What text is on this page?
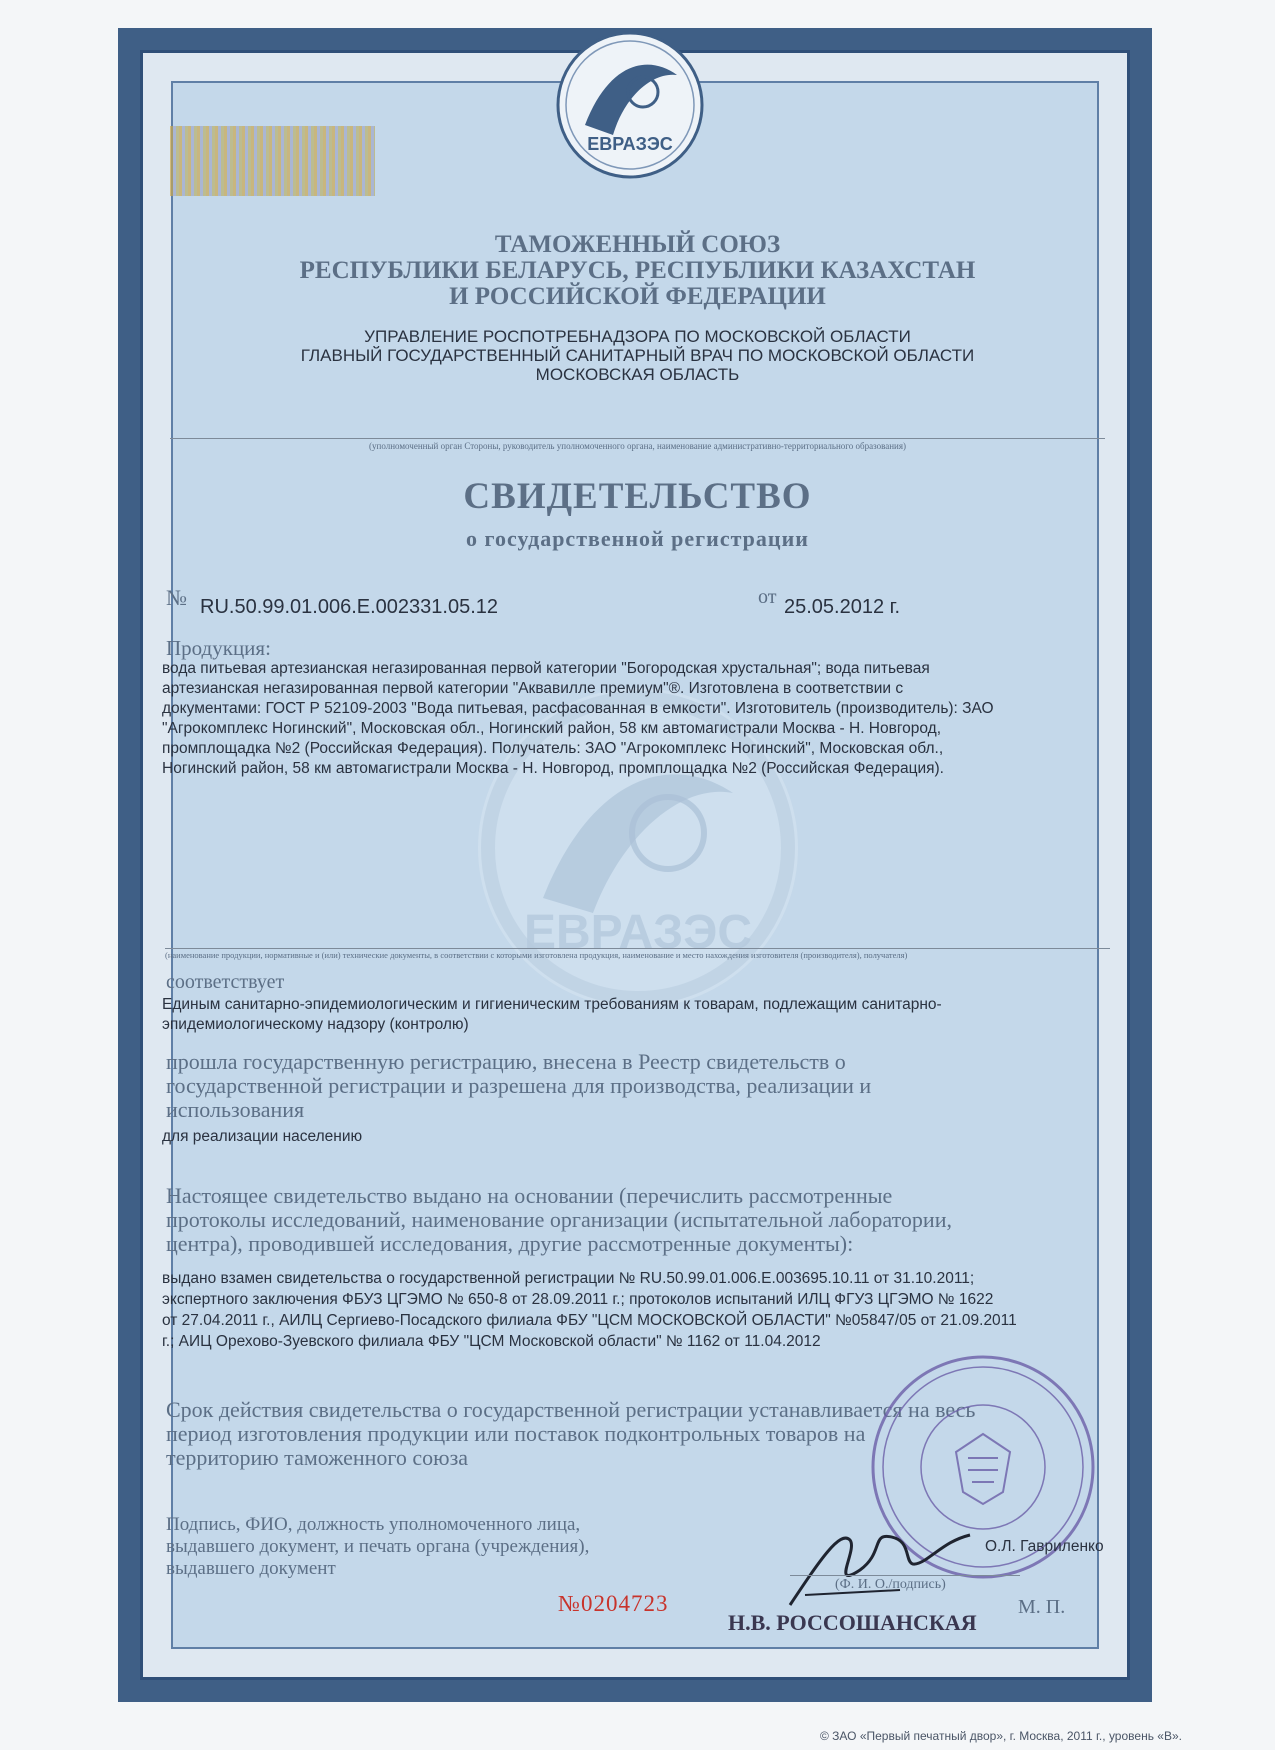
ЕВРАЗЭС
ЕВРАЗЭС
ТАМОЖЕННЫЙ СОЮЗ
РЕСПУБЛИКИ БЕЛАРУСЬ, РЕСПУБЛИКИ КАЗАХСТАН
И РОССИЙСКОЙ ФЕДЕРАЦИИ
УПРАВЛЕНИЕ РОСПОТРЕБНАДЗОРА ПО МОСКОВСКОЙ ОБЛАСТИ
ГЛАВНЫЙ ГОСУДАРСТВЕННЫЙ САНИТАРНЫЙ ВРАЧ ПО МОСКОВСКОЙ ОБЛАСТИ
МОСКОВСКАЯ ОБЛАСТЬ
(уполномоченный орган Стороны, руководитель уполномоченного органа, наименование административно-территориального образования)
СВИДЕТЕЛЬСТВО
о государственной регистрации
№ RU.50.99.01.006.Е.002331.05.12	от 25.05.2012 г.
Продукция:
вода питьевая артезианская негазированная первой категории "Богородская хрустальная"; вода питьевая
артезианская негазированная первой категории "Аквавилле премиум"®. Изготовлена в соответствии с
документами: ГОСТ Р 52109-2003 "Вода питьевая, расфасованная в емкости". Изготовитель (производитель): ЗАО
"Агрокомплекс Ногинский", Московская обл., Ногинский район, 58 км автомагистрали Москва - Н. Новгород,
промплощадка №2 (Российская Федерация). Получатель: ЗАО "Агрокомплекс Ногинский", Московская обл.,
Ногинский район, 58 км автомагистрали Москва - Н. Новгород, промплощадка №2 (Российская Федерация).
(наименование продукции, нормативные и (или) технические документы, в соответствии с которыми изготовлена продукция, наименование и место нахождения изготовителя (производителя), получателя)
соответствует
Единым санитарно-эпидемиологическим и гигиеническим требованиям к товарам, подлежащим санитарно-
эпидемиологическому надзору (контролю)
прошла государственную регистрацию, внесена в Реестр свидетельств о
государственной регистрации и разрешена для производства, реализации и
использования
для реализации населению
Настоящее свидетельство выдано на основании (перечислить рассмотренные
протоколы исследований, наименование организации (испытательной лаборатории,
центра), проводившей исследования, другие рассмотренные документы):
выдано взамен свидетельства о государственной регистрации № RU.50.99.01.006.Е.003695.10.11 от 31.10.2011;
экспертного заключения ФБУЗ ЦГЭМО № 650-8 от 28.09.2011 г.; протоколов испытаний ИЛЦ ФГУЗ ЦГЭМО № 1622
от 27.04.2011 г., АИЛЦ Сергиево-Посадского филиала ФБУ "ЦСМ МОСКОВСКОЙ ОБЛАСТИ" №05847/05 от 21.09.2011
г.; АИЦ Орехово-Зуевского филиала ФБУ "ЦСМ Московской области" № 1162 от 11.04.2012
Срок действия свидетельства о государственной регистрации устанавливается на весь
период изготовления продукции или поставок подконтрольных товаров на
территорию таможенного союза
Подпись, ФИО, должность уполномоченного лица,
выдавшего документ, и печать органа (учреждения),
выдавшего документ
О.Л. Гавриленко
(Ф. И. О./подпись)
№0204723
Н.В. РОССОШАНСКАЯ
М. П.
© ЗАО «Первый печатный двор», г. Москва, 2011 г., уровень «В».
